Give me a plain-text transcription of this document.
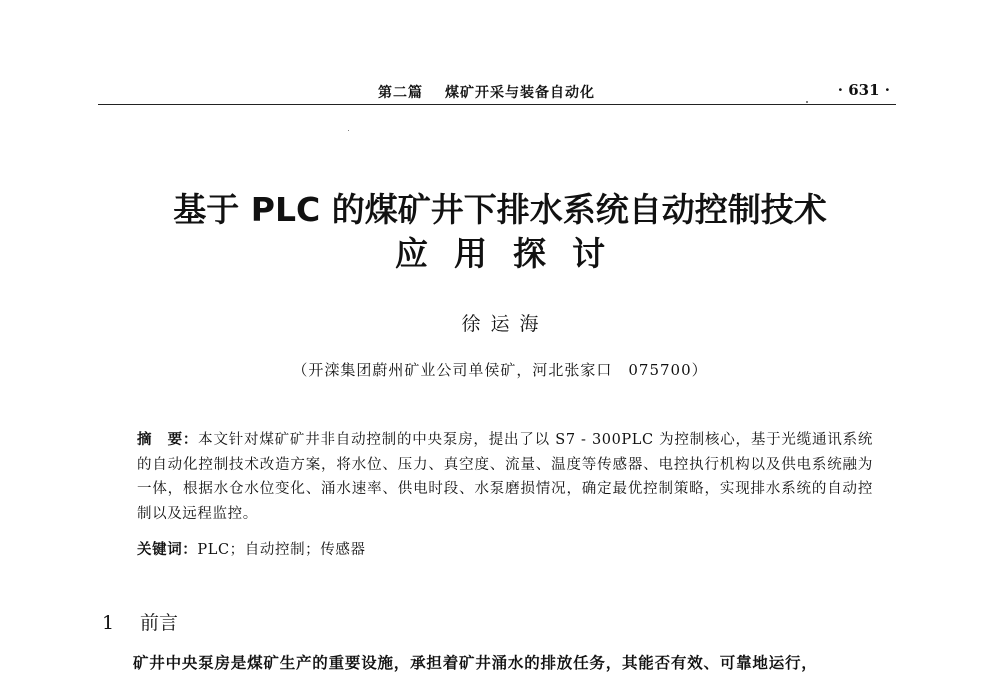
第二篇 煤矿开采与装备自动化	· 631 ·
基于 PLC 的煤矿井下排水系统自动控制技术
应用探讨
徐运海
（开滦集团蔚州矿业公司单侯矿，河北张家口　075700）
摘　要：本文针对煤矿矿井非自动控制的中央泵房，提出了以 S7 - 300PLC 为控制核心，基于光缆通讯系统的自动化控制技术改造方案，将水位、压力、真空度、流量、温度等传感器、电控执行机构以及供电系统融为一体，根据水仓水位变化、涌水速率、供电时段、水泵磨损情况，确定最优控制策略，实现排水系统的自动控制以及远程监控。
关键词：PLC；自动控制；传感器
1 前言
矿井中央泵房是煤矿生产的重要设施，承担着矿井涌水的排放任务，其能否有效、可靠地运行，
